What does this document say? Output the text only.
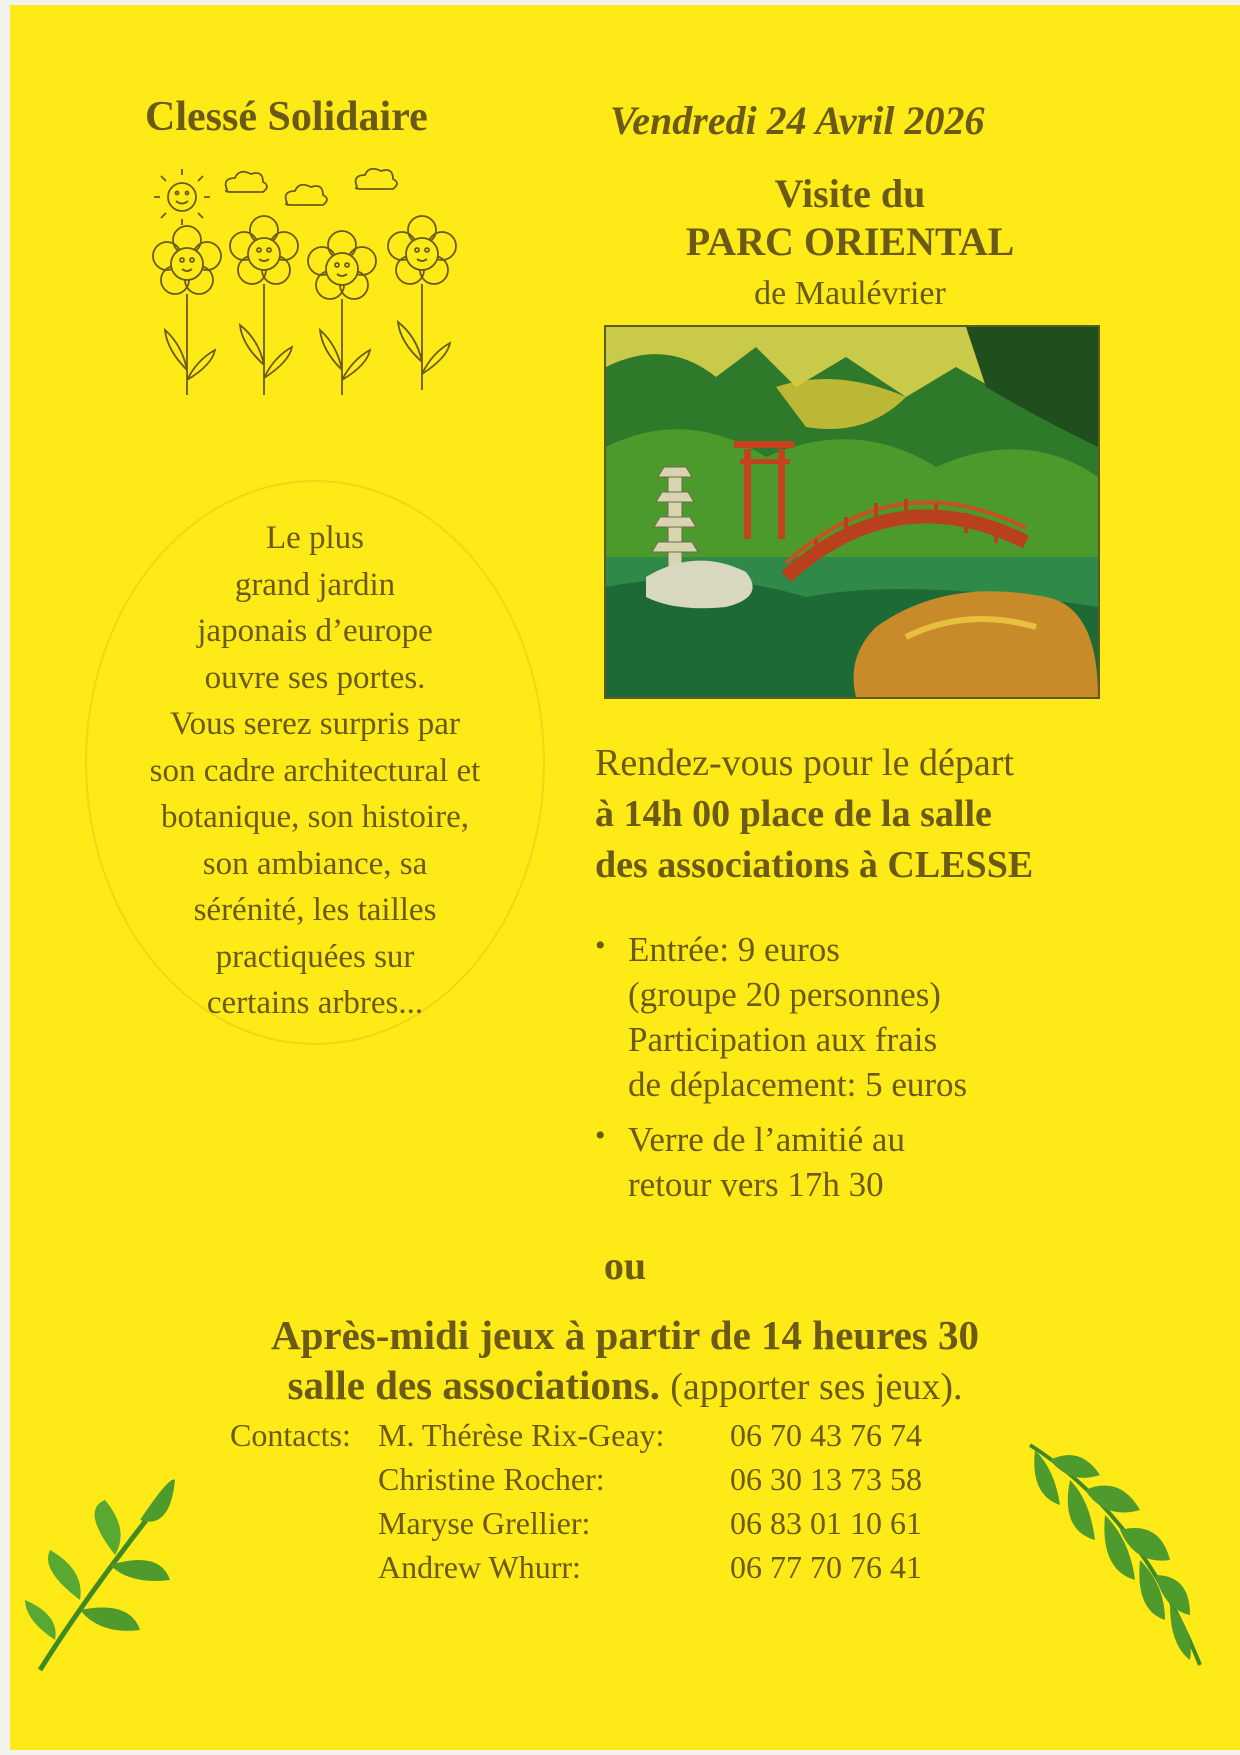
Clessé Solidaire	Vendredi 24 Avril 2026
Visite du
PARC ORIENTAL
de Maulévrier
Le plus
grand jardin
japonais d’europe
ouvre ses portes.
Vous serez surpris par
son cadre architectural et
botanique, son histoire,
son ambiance, sa
sérénité, les tailles
practiquées sur
certains arbres...
Rendez-vous pour le départ
à 14h 00 place de la salle
des associations à CLESSE
• Entrée: 9 euros
(groupe 20 personnes)
Participation aux frais
de déplacement: 5 euros
• Verre de l’amitié au
retour vers 17h 30
ou
Après-midi jeux à partir de 14 heures 30
salle des associations. (apporter ses jeux).
Contacts: M. Thérèse Rix-Geay: 06 70 43 76 74
Christine Rocher:	06 30 13 73 58
Maryse Grellier:	06 83 01 10 61
Andrew Whurr:	06 77 70 76 41
